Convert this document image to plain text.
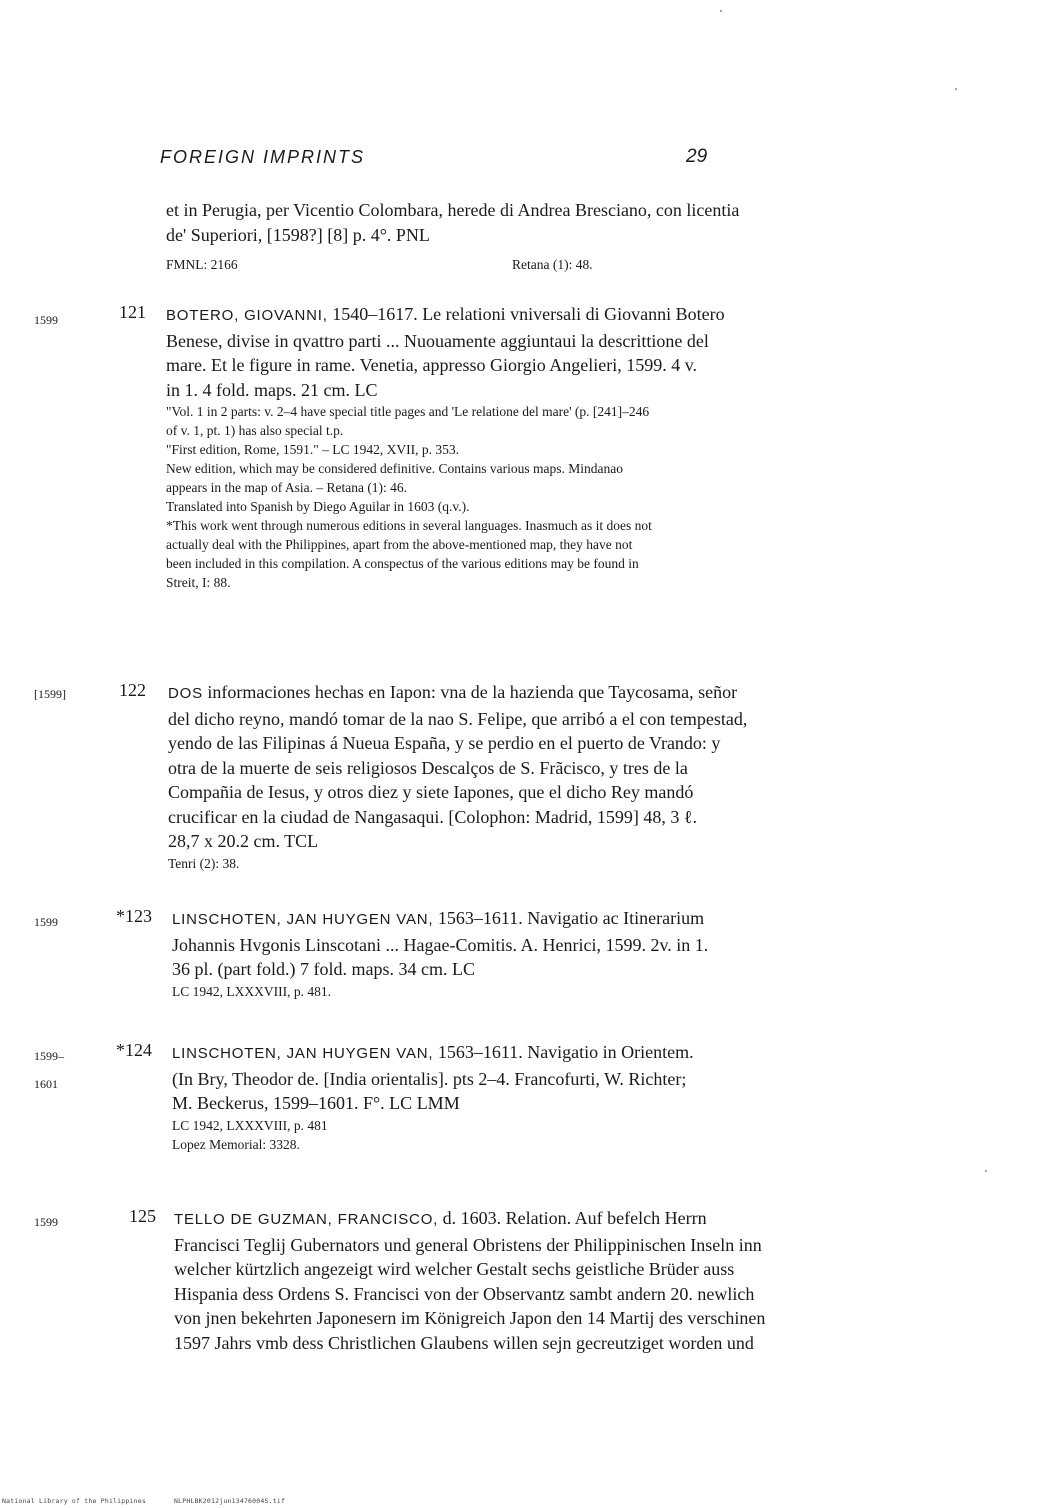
FOREIGN IMPRINTS	29

et in Perugia, per Vicentio Colombara, herede di Andrea Bresciano, con licentia

de' Superiori, [1598?] [8] p. 4°. PNL

FMNL: 2166	Retana (1): 48.
1599	121 BOTERO, GIOVANNI, 1540–1617. Le relationi vniversali di Giovanni Botero

Benese, divise in qvattro parti ... Nuouamente aggiuntaui la descrittione del

mare. Et le figure in rame. Venetia, appresso Giorgio Angelieri, 1599. 4 v.

in 1. 4 fold. maps. 21 cm. LC

"Vol. 1 in 2 parts: v. 2–4 have special title pages and 'Le relatione del mare' (p. [241]–246
of v. 1, pt. 1) has also special t.p.

"First edition, Rome, 1591." – LC 1942, XVII, p. 353.

New edition, which may be considered definitive. Contains various maps. Mindanao
appears in the map of Asia. – Retana (1): 46.

Translated into Spanish by Diego Aguilar in 1603 (q.v.).

*This work went through numerous editions in several languages. Inasmuch as it does not
actually deal with the Philippines, apart from the above-mentioned map, they have not
been included in this compilation. A conspectus of the various editions may be found in
Streit, I: 88.

[1599]	122 DOS informaciones hechas en Iapon: vna de la hazienda que Taycosama, señor

del dicho reyno, mandó tomar de la nao S. Felipe, que arribó a el con tempestad,

yendo de las Filipinas á Nueua España, y se perdio en el puerto de Vrando: y

otra de la muerte de seis religiosos Descalços de S. Frãcisco, y tres de la

Compañia de Iesus, y otros diez y siete Iapones, que el dicho Rey mandó

crucificar en la ciudad de Nangasaqui. [Colophon: Madrid, 1599] 48, 3 ℓ.

28,7 x 20.2 cm. TCL

Tenri (2): 38.

1599	*123 LINSCHOTEN, JAN HUYGEN VAN, 1563–1611. Navigatio ac Itinerarium

Johannis Hvgonis Linscotani ... Hagae-Comitis. A. Henrici, 1599. 2v. in 1.

36 pl. (part fold.) 7 fold. maps. 34 cm. LC

LC 1942, LXXXVIII, p. 481.

1599–
1601
*124 LINSCHOTEN, JAN HUYGEN VAN, 1563–1611. Navigatio in Orientem.

(In Bry, Theodor de. [India orientalis]. pts 2–4. Francofurti, W. Richter;

M. Beckerus, 1599–1601. F°. LC LMM

LC 1942, LXXXVIII, p. 481

Lopez Memorial: 3328.

1599	125 TELLO DE GUZMAN, FRANCISCO, d. 1603. Relation. Auf befelch Herrn

Francisci Teglij Gubernators und general Obristens der Philippinischen Inseln inn

welcher kürtzlich angezeigt wird welcher Gestalt sechs geistliche Brüder auss

Hispania dess Ordens S. Francisci von der Observantz sambt andern 20. newlich

von jnen bekehrten Japonesern im Königreich Japon den 14 Martij des verschinen

1597 Jahrs vmb dess Christlichen Glaubens willen sejn gecreutziget worden und

National Library of the Philippines	NLPHLBK2012jun13476004S.tif
